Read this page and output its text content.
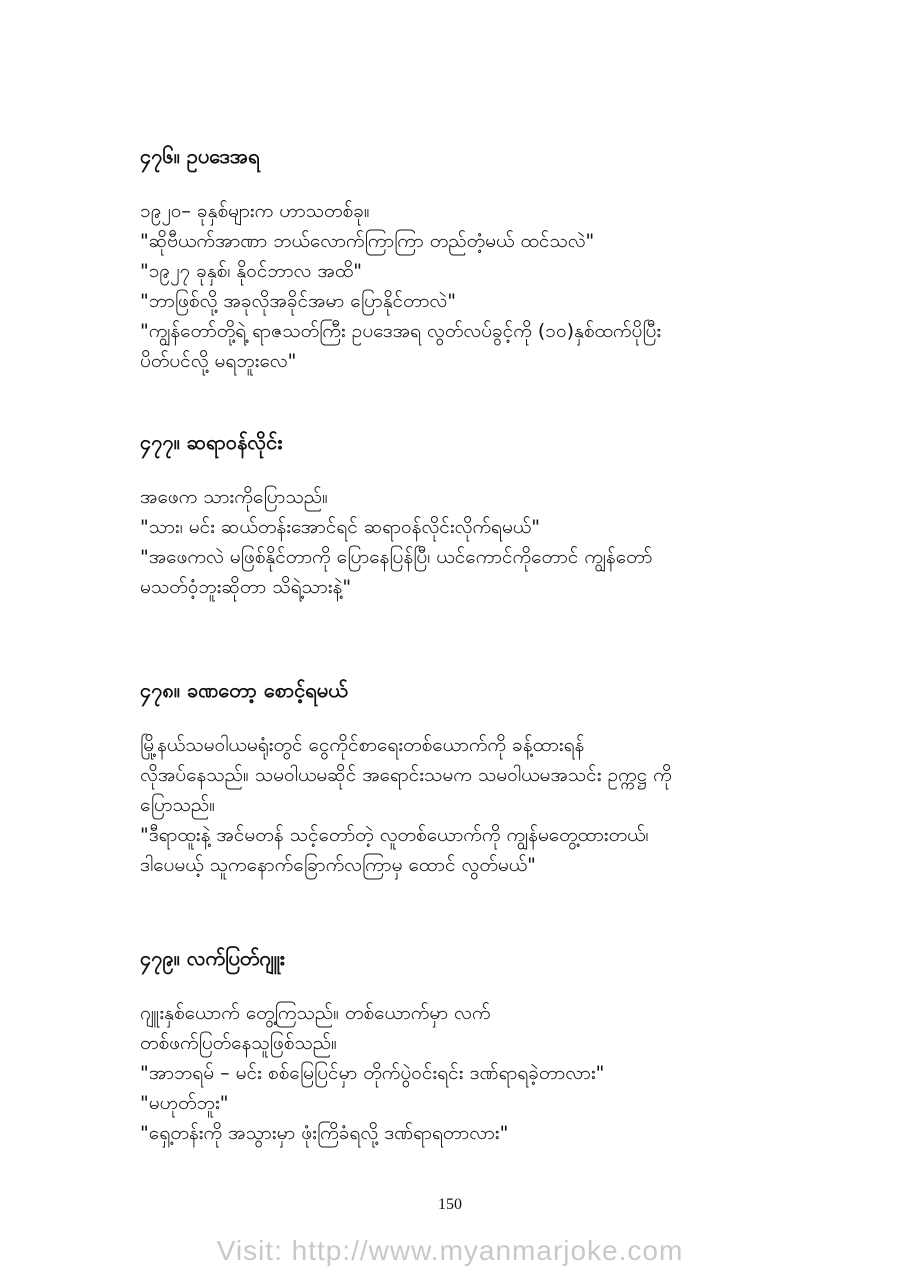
၄၇၆။ ဥပဒေအရ

၁၉၂၀– ခုနှစ်များက ဟာသတစ်ခု။

"ဆိုဗီယက်အာဏာ ဘယ်လောက်ကြာကြာ တည်တံ့မယ် ထင်သလဲ"

"၁၉၂၇ ခုနှစ်၊ နိုဝင်ဘာလ အထိ"

"ဘာဖြစ်လို့ အခုလိုအခိုင်အမာ ပြောနိုင်တာလဲ"

"ကျွန်တော်တို့ရဲ့ ရာဇသတ်ကြီး ဥပဒေအရ လွတ်လပ်ခွင့်ကို (၁၀)နှစ်ထက်ပိုပြီး

ပိတ်ပင်လို့ မရဘူးလေ"

၄၇၇။ ဆရာဝန်လိုင်း

အဖေက သားကိုပြောသည်။

"သား၊ မင်း ဆယ်တန်းအောင်ရင် ဆရာဝန်လိုင်းလိုက်ရမယ်"

"အဖေကလဲ မဖြစ်နိုင်တာကို ပြောနေပြန်ပြီ၊ ယင်ကောင်ကိုတောင် ကျွန်တော်

မသတ်ဝံ့ဘူးဆိုတာ သိရဲ့သားနဲ့"

၄၇၈။ ခဏတော့ စောင့်ရမယ်

မြို့နယ်သမဝါယမရုံးတွင် ငွေကိုင်စာရေးတစ်ယောက်ကို ခန့်ထားရန်

လိုအပ်နေသည်။ သမဝါယမဆိုင် အရောင်းသမက သမဝါယမအသင်း ဥက္ကဋ္ဌ ကို

ပြောသည်။

"ဒီရာထူးနဲ့ အင်မတန် သင့်တော်တဲ့ လူတစ်ယောက်ကို ကျွန်မတွေ့ထားတယ်၊

ဒါပေမယ့် သူကနောက်ခြောက်လကြာမှ ထောင် လွတ်မယ်"

၄၇၉။ လက်ပြတ်ဂျူး

ဂျူးနှစ်ယောက် တွေ့ကြသည်။ တစ်ယောက်မှာ လက်

တစ်ဖက်ပြတ်နေသူဖြစ်သည်။

"အာဘရမ် – မင်း စစ်မြေပြင်မှာ တိုက်ပွဲဝင်းရင်း ဒဏ်ရာရခဲ့တာလား"

"မဟုတ်ဘူး"

"ရှေ့တန်းကို အသွားမှာ ဖုံးကြိခံရလို့ ဒဏ်ရာရတာလား"

150
Visit: http://www.myanmarjoke.com
